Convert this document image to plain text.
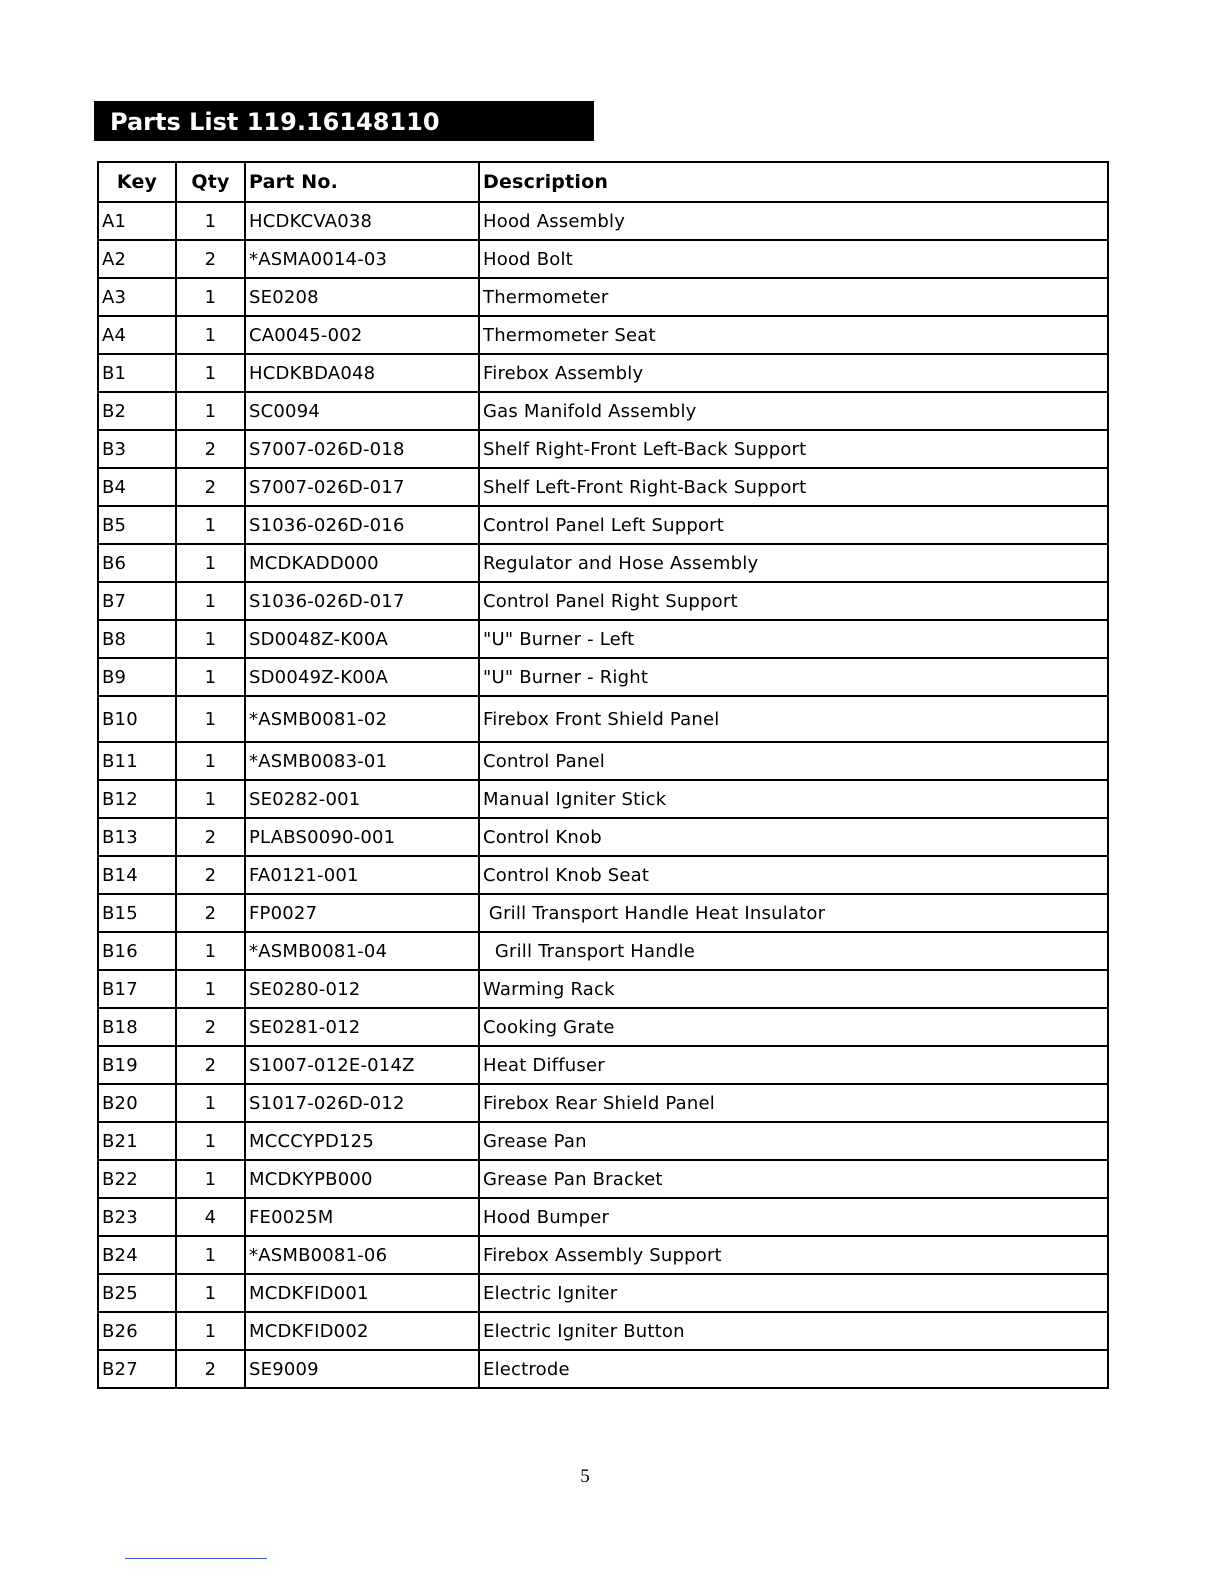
Parts List 119.16148110
Key	Qty	Part No.	Description
A1	1	HCDKCVA038	Hood Assembly
A2	2	*ASMA0014-03	Hood Bolt
A3	1	SE0208	Thermometer
A4	1	CA0045-002	Thermometer Seat
B1	1	HCDKBDA048	Firebox Assembly
B2	1	SC0094	Gas Manifold Assembly
B3	2	S7007-026D-018	Shelf Right-Front Left-Back Support
B4	2	S7007-026D-017	Shelf Left-Front Right-Back Support
B5	1	S1036-026D-016	Control Panel Left Support
B6	1	MCDKADD000	Regulator and Hose Assembly
B7	1	S1036-026D-017	Control Panel Right Support
B8	1	SD0048Z-K00A	"U" Burner - Left
B9	1	SD0049Z-K00A	"U" Burner - Right
B10	1	*ASMB0081-02	Firebox Front Shield Panel
B11	1	*ASMB0083-01	Control Panel
B12	1	SE0282-001	Manual Igniter Stick
B13	2	PLABS0090-001	Control Knob
B14	2	FA0121-001	Control Knob Seat
B15	2	FP0027	Grill Transport Handle Heat Insulator
B16	1	*ASMB0081-04	Grill Transport Handle
B17	1	SE0280-012	Warming Rack
B18	2	SE0281-012	Cooking Grate
B19	2	S1007-012E-014Z	Heat Diffuser
B20	1	S1017-026D-012	Firebox Rear Shield Panel
B21	1	MCCCYPD125	Grease Pan
B22	1	MCDKYPB000	Grease Pan Bracket
B23	4	FE0025M	Hood Bumper
B24	1	*ASMB0081-06	Firebox Assembly Support
B25	1	MCDKFID001	Electric Igniter
B26	1	MCDKFID002	Electric Igniter Button
B27	2	SE9009	Electrode
5
